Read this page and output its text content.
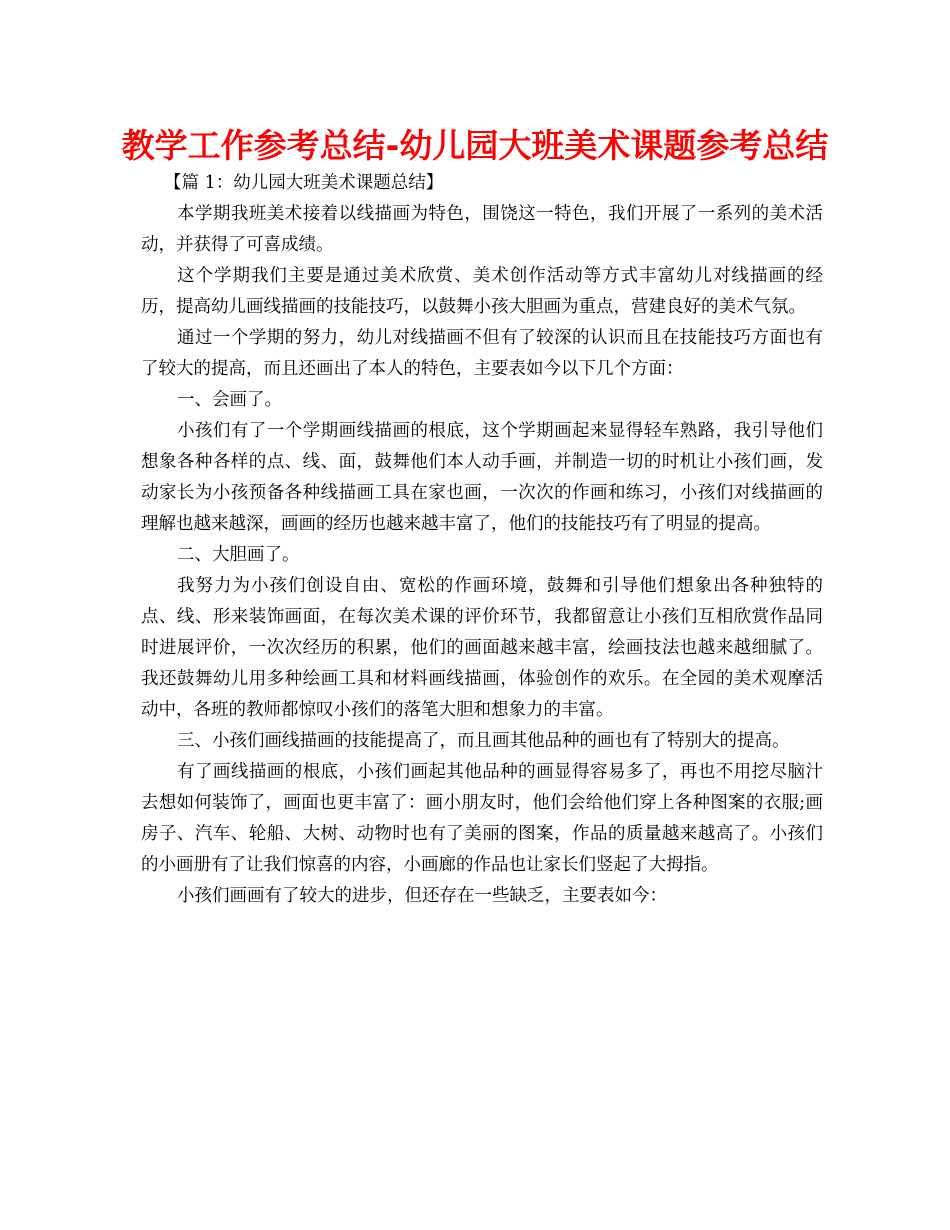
教学工作参考总结-幼儿园大班美术课题参考总结

【篇 1：幼儿园大班美术课题总结】

本学期我班美术接着以线描画为特色，围饶这一特色，我们开展了一系列的美术活动，并获得了可喜成绩。

这个学期我们主要是通过美术欣赏、美术创作活动等方式丰富幼儿对线描画的经历，提高幼儿画线描画的技能技巧，以鼓舞小孩大胆画为重点，营建良好的美术气氛。

通过一个学期的努力，幼儿对线描画不但有了较深的认识而且在技能技巧方面也有了较大的提高，而且还画出了本人的特色，主要表如今以下几个方面：

一、会画了。

小孩们有了一个学期画线描画的根底，这个学期画起来显得轻车熟路，我引导他们想象各种各样的点、线、面，鼓舞他们本人动手画，并制造一切的时机让小孩们画，发动家长为小孩预备各种线描画工具在家也画，一次次的作画和练习，小孩们对线描画的理解也越来越深，画画的经历也越来越丰富了，他们的技能技巧有了明显的提高。

二、大胆画了。

我努力为小孩们创设自由、宽松的作画环境，鼓舞和引导他们想象出各种独特的点、线、形来装饰画面，在每次美术课的评价环节，我都留意让小孩们互相欣赏作品同时进展评价，一次次经历的积累，他们的画面越来越丰富，绘画技法也越来越细腻了。我还鼓舞幼儿用多种绘画工具和材料画线描画，体验创作的欢乐。在全园的美术观摩活动中，各班的教师都惊叹小孩们的落笔大胆和想象力的丰富。

三、小孩们画线描画的技能提高了，而且画其他品种的画也有了特别大的提高。

有了画线描画的根底，小孩们画起其他品种的画显得容易多了，再也不用挖尽脑汁去想如何装饰了，画面也更丰富了：画小朋友时，他们会给他们穿上各种图案的衣服;画房子、汽车、轮船、大树、动物时也有了美丽的图案，作品的质量越来越高了。小孩们的小画册有了让我们惊喜的内容，小画廊的作品也让家长们竖起了大拇指。

小孩们画画有了较大的进步，但还存在一些缺乏，主要表如今：
